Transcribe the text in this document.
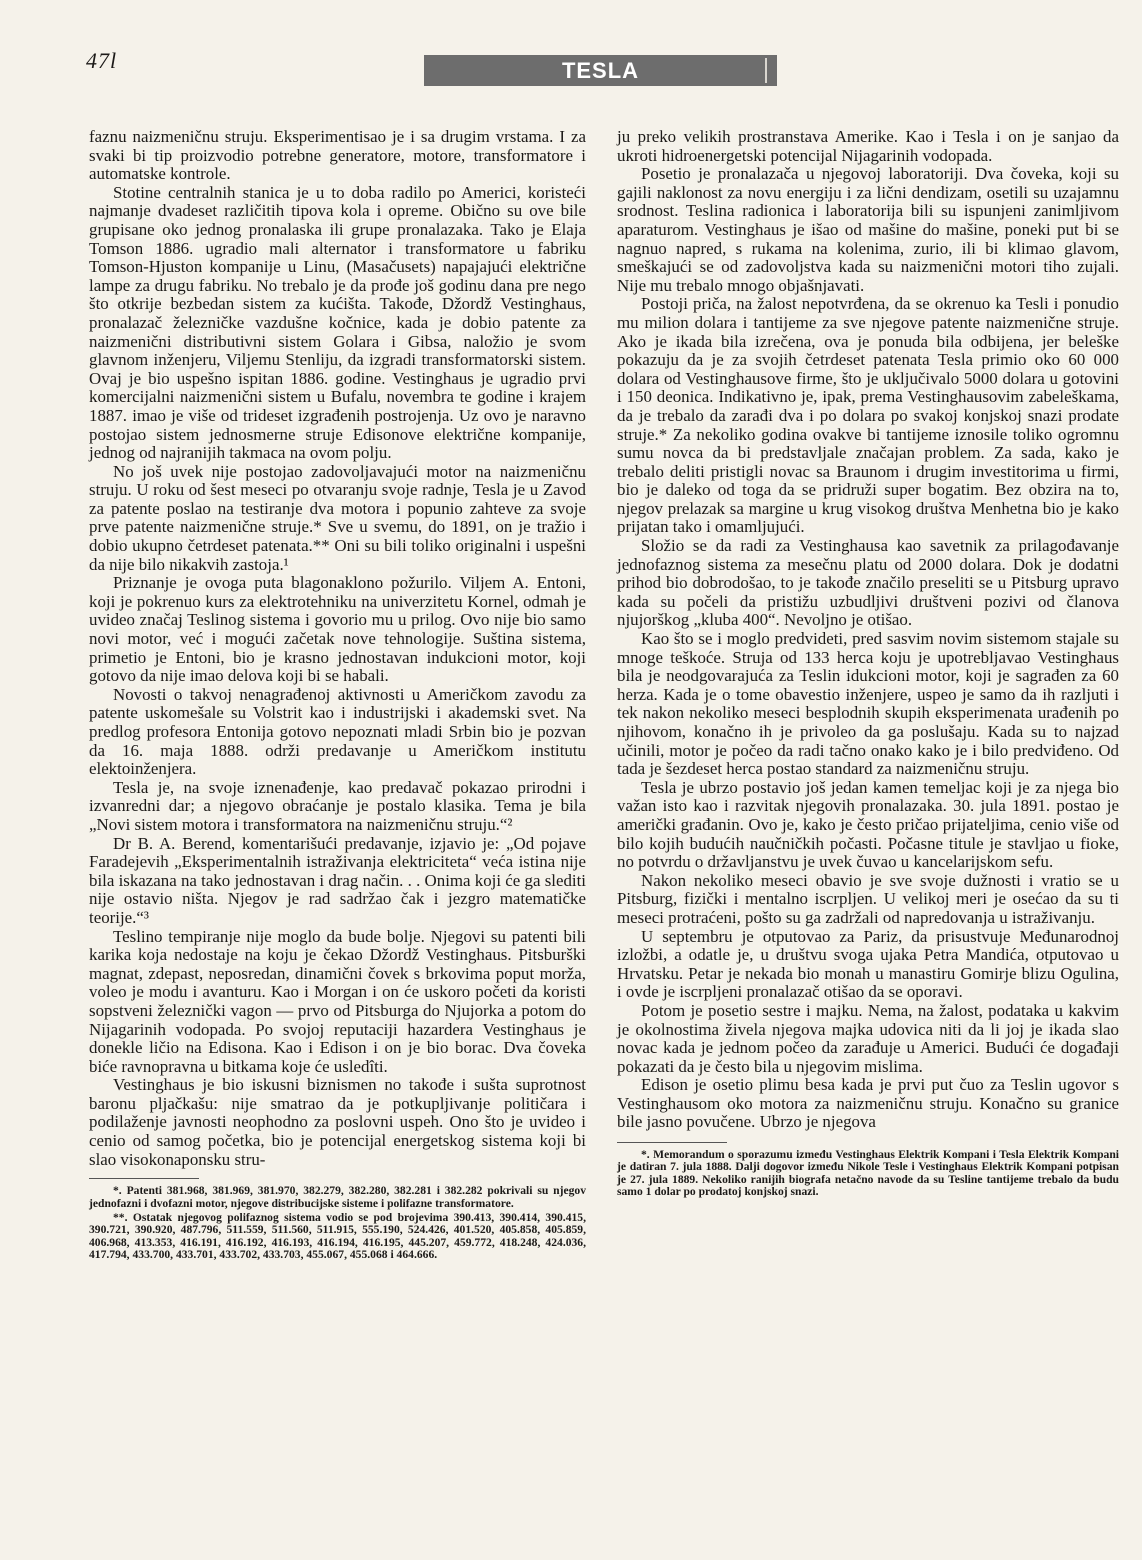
47l	TESLA

faznu naizmeničnu struju. Eksperimentisao je i sa drugim vrstama. I za svaki bi tip proizvodio potrebne generatore, motore, transformatore i automatske kontrole.

Stotine centralnih stanica je u to doba radilo po Americi, koristeći najmanje dvadeset različitih tipova kola i opreme. Obično su ove bile grupisane oko jednog pronalaska ili grupe pronalazaka. Tako je Elaja Tomson 1886. ugradio mali alternator i transformatore u fabriku Tomson-Hjuston kompanije u Linu, (Masačusets) napajajući električne lampe za drugu fabriku. No trebalo je da prođe još godinu dana pre nego što otkrije bezbedan sistem za kućišta. Takođe, Džordž Vestinghaus, pronalazač železničke vazdušne kočnice, kada je dobio patente za naizmenični distributivni sistem Golara i Gibsa, naložio je svom glavnom inženjeru, Viljemu Stenliju, da izgradi transformatorski sistem. Ovaj je bio uspešno ispitan 1886. godine. Vestinghaus je ugradio prvi komercijalni naizmenični sistem u Bufalu, novembra te godine i krajem 1887. imao je više od trideset izgrađenih postrojenja. Uz ovo je naravno postojao sistem jednosmerne struje Edisonove električne kompanije, jednog od najranijih takmaca na ovom polju.

No još uvek nije postojao zadovoljavajući motor na naizmeničnu struju. U roku od šest meseci po otvaranju svoje radnje, Tesla je u Zavod za patente poslao na testiranje dva motora i popunio zahteve za svoje prve patente naizmenične struje.* Sve u svemu, do 1891, on je tražio i dobio ukupno četrdeset patenata.** Oni su bili toliko originalni i uspešni da nije bilo nikakvih zastoja.¹

Priznanje je ovoga puta blagonaklono požurilo. Viljem A. Entoni, koji je pokrenuo kurs za elektrotehniku na univerzitetu Kornel, odmah je uvideo značaj Teslinog sistema i govorio mu u prilog. Ovo nije bio samo novi motor, već i mogući začetak nove tehnologije. Suština sistema, primetio je Entoni, bio je krasno jednostavan indukcioni motor, koji gotovo da nije imao delova koji bi se habali.

Novosti o takvoj nenagrađenoj aktivnosti u Američkom zavodu za patente uskomešale su Volstrit kao i industrijski i akademski svet. Na predlog profesora Entonija gotovo nepoznati mladi Srbin bio je pozvan da 16. maja 1888. održi predavanje u Američkom institutu elektoinženjera.

Tesla je, na svoje iznenađenje, kao predavač pokazao prirodni i izvanredni dar; a njegovo obraćanje je postalo klasika. Tema je bila „Novi sistem motora i transformatora na naizmeničnu struju.“²

Dr B. A. Berend, komentarišući predavanje, izjavio je: „Od pojave Faradejevih „Eksperimentalnih istraživanja elektriciteta“ veća istina nije bila iskazana na tako jednostavan i drag način. . . Onima koji će ga slediti nije ostavio ništa. Njegov je rad sadržao čak i jezgro matematičke teorije.“³

Teslino tempiranje nije moglo da bude bolje. Njegovi su patenti bili karika koja nedostaje na koju je čekao Džordž Vestinghaus. Pitsburški magnat, zdepast, neposredan, dinamični čovek s brkovima poput morža, voleo je modu i avanturu. Kao i Morgan i on će uskoro početi da koristi sopstveni železnički vagon — prvo od Pitsburga do Njujorka a potom do Nijagarinih vodopada. Po svojoj reputaciji hazardera Vestinghaus je donekle ličio na Edisona. Kao i Edison i on je bio borac. Dva čoveka biće ravnopravna u bitkama koje će usledîti.

Vestinghaus je bio iskusni biznismen no takođe i sušta suprotnost baronu pljačkašu: nije smatrao da je potkupljivanje političara i podilaženje javnosti neophodno za poslovni uspeh. Ono što je uvideo i cenio od samog početka, bio je potencijal energetskog sistema koji bi slao visokonaponsku stru-

*. Patenti 381.968, 381.969, 381.970, 382.279, 382.280, 382.281 i 382.282 pokrivali su njegov jednofazni i dvofazni motor, njegove distribucijske sisteme i polifazne transformatore.

**. Ostatak njegovog polifaznog sistema vodio se pod brojevima 390.413, 390.414, 390.415, 390.721, 390.920, 487.796, 511.559, 511.560, 511.915, 555.190, 524.426, 401.520, 405.858, 405.859, 406.968, 413.353, 416.191, 416.192, 416.193, 416.194, 416.195, 445.207, 459.772, 418.248, 424.036, 417.794, 433.700, 433.701, 433.702, 433.703, 455.067, 455.068 i 464.666.

ju preko velikih prostranstava Amerike. Kao i Tesla i on je sanjao da ukroti hidroenergetski potencijal Nijagarinih vodopada.

Posetio je pronalazača u njegovoj laboratoriji. Dva čoveka, koji su gajili naklonost za novu energiju i za lični dendizam, osetili su uzajamnu srodnost. Teslina radionica i laboratorija bili su ispunjeni zanimljivom aparaturom. Vestinghaus je išao od mašine do mašine, poneki put bi se nagnuo napred, s rukama na kolenima, zurio, ili bi klimao glavom, smeškajući se od zadovoljstva kada su naizmenični motori tiho zujali. Nije mu trebalo mnogo objašnjavati.

Postoji priča, na žalost nepotvrđena, da se okrenuo ka Tesli i ponudio mu milion dolara i tantijeme za sve njegove patente naizmenične struje. Ako je ikada bila izrečena, ova je ponuda bila odbijena, jer beleške pokazuju da je za svojih četrdeset patenata Tesla primio oko 60 000 dolara od Vestinghausove firme, što je uključivalo 5000 dolara u gotovini i 150 deonica. Indikativno je, ipak, prema Vestinghausovim zabeleškama, da je trebalo da zarađi dva i po dolara po svakoj konjskoj snazi prodate struje.* Za nekoliko godina ovakve bi tantijeme iznosile toliko ogromnu sumu novca da bi predstavljale značajan problem. Za sada, kako je trebalo deliti pristigli novac sa Braunom i drugim investitorima u firmi, bio je daleko od toga da se pridruži super bogatim. Bez obzira na to, njegov prelazak sa margine u krug visokog društva Menhetna bio je kako prijatan tako i omamljujući.

Složio se da radi za Vestinghausa kao savetnik za prilagođavanje jednofaznog sistema za mesečnu platu od 2000 dolara. Dok je dodatni prihod bio dobrodošao, to je takođe značilo preseliti se u Pitsburg upravo kada su počeli da pristižu uzbudljivi društveni pozivi od članova njujorškog „kluba 400“. Nevoljno je otišao.

Kao što se i moglo predvideti, pred sasvim novim sistemom stajale su mnoge teškoće. Struja od 133 herca koju je upotrebljavao Vestinghaus bila je neodgovarajuća za Teslin idukcioni motor, koji je sagrađen za 60 herza. Kada je o tome obavestio inženjere, uspeo je samo da ih razljuti i tek nakon nekoliko meseci besplodnih skupih eksperimenata urađenih po njihovom, konačno ih je privoleo da ga poslušaju. Kada su to najzad učinili, motor je počeo da radi tačno onako kako je i bilo predviđeno. Od tada je šezdeset herca postao standard za naizmeničnu struju.

Tesla je ubrzo postavio još jedan kamen temeljac koji je za njega bio važan isto kao i razvitak njegovih pronalazaka. 30. jula 1891. postao je američki građanin. Ovo je, kako je često pričao prijateljima, cenio više od bilo kojih budućih naučničkih počasti. Počasne titule je stavljao u fioke, no potvrdu o državljanstvu je uvek čuvao u kancelarijskom sefu.

Nakon nekoliko meseci obavio je sve svoje dužnosti i vratio se u Pitsburg, fizički i mentalno iscrpljen. U velikoj meri je osećao da su ti meseci protraćeni, pošto su ga zadržali od napredovanja u istraživanju.

U septembru je otputovao za Pariz, da prisustvuje Međunarodnoj izložbi, a odatle je, u društvu svoga ujaka Petra Mandića, otputovao u Hrvatsku. Petar je nekada bio monah u manastiru Gomirje blizu Ogulina, i ovde je iscrpljeni pronalazač otišao da se oporavi.

Potom je posetio sestre i majku. Nema, na žalost, podataka u kakvim je okolnostima živela njegova majka udovica niti da li joj je ikada slao novac kada je jednom počeo da zarađuje u Americi. Budući će događaji pokazati da je često bila u njegovim mislima.

Edison je osetio plimu besa kada je prvi put čuo za Teslin ugovor s Vestinghausom oko motora za naizmeničnu struju. Konačno su granice bile jasno povučene. Ubrzo je njegova

*. Memorandum o sporazumu između Vestinghaus Elektrik Kompani i Tesla Elektrik Kompani je datiran 7. jula 1888. Dalji dogovor između Nikole Tesle i Vestinghaus Elektrik Kompani potpisan je 27. jula 1889. Nekoliko ranijih biografa netačno navode da su Tesline tantijeme trebalo da budu samo 1 dolar po prodatoj konjskoj snazi.
